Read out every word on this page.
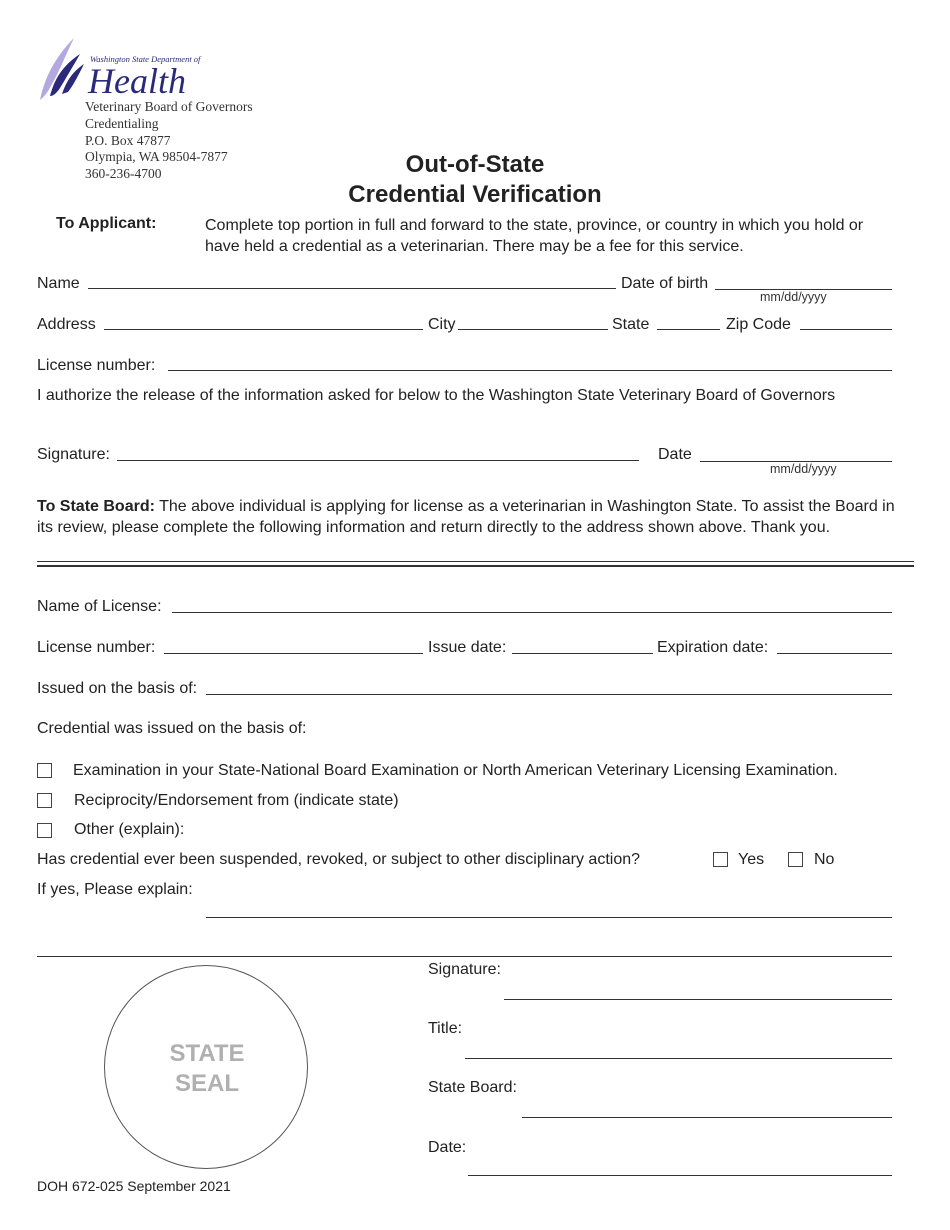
Washington State Department of
Health
Veterinary Board of Governors
Credentialing
P.O. Box 47877
Olympia, WA 98504-7877
360-236-4700	Out-of-State
Credential Verification
To Applicant:	Complete top portion in full and forward to the state, province, or country in which you hold or have held a credential as a veterinarian. There may be a fee for this service.
Name	Date of birth
mm/dd/yyyy
Address	City	State	Zip Code
License number:
I authorize the release of the information asked for below to the Washington State Veterinary Board of Governors
Signature:	Date
mm/dd/yyyy
To State Board: The above individual is applying for license as a veterinarian in Washington State. To assist the Board in its review, please complete the following information and return directly to the address shown above. Thank you.
Name of License:
License number:	Issue date:	Expiration date:
Issued on the basis of:
Credential was issued on the basis of:
Examination in your State-National Board Examination or North American Veterinary Licensing Examination.
Reciprocity/Endorsement from (indicate state)
Other (explain):
Has credential ever been suspended, revoked, or subject to other disciplinary action?	Yes	No
If yes, Please explain:
STATE
SEAL
Signature:
Title:
State Board:
Date:
DOH 672-025 September 2021
